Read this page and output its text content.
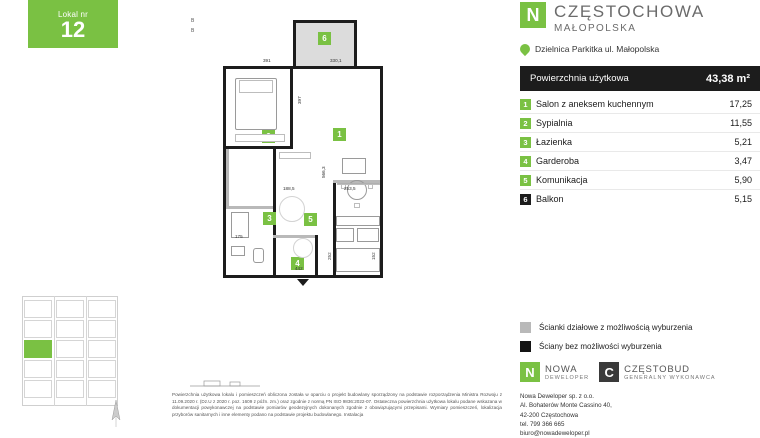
Lokal nr
12	6
1
3	5
4
391	330,1
397
566,3
188,5	253,5
442
175
252	152
B
B
Powierzchnia użytkowa lokalu i pomieszczeń obliczona została w oparciu o projekt budowlany sporządzony na podstawie rozporządzenia Ministra Rozwoju z 11.09.2020 r. (Dz.U z 2020 r. poz. 1609 z późn. zm.) oraz zgodnie z normą PN ISO 9836:2022-07. Ostateczna powierzchnia użytkowa lokalu podane wskazana w dokumentacji powykonawczej na podstawie pomiarów geodezyjnych dokonanych zgodnie z obowiązującymi przepisami. Wymiary pomieszczeń, lokalizacja przyborów sanitarnych i inne elementy podano na podstawie projektu budowlanego. Instalacja
N CZĘSTOCHOWA
MAŁOPOLSKA
Dzielnica Parkitka ul. Małopolska
Powierzchnia użytkowa	43,38 m²
1	Salon z aneksem kuchennym	17,25
2	Sypialnia	11,55
3	Łazienka	5,21
4	Garderoba	3,47
5	Komunikacja	5,90
6	Balkon	5,15
Ścianki działowe z możliwością wyburzenia
Ściany bez możliwości wyburzenia
N	NOWA
DEWELOPER	C	CZĘSTOBUD
GENERALNY WYKONAWCA
Nowa Deweloper sp. z o.o.
Al. Bohaterów Monte Cassino 40,
42-200 Częstochowa
tel. 799 366 665
biuro@nowadeweloper.pl
